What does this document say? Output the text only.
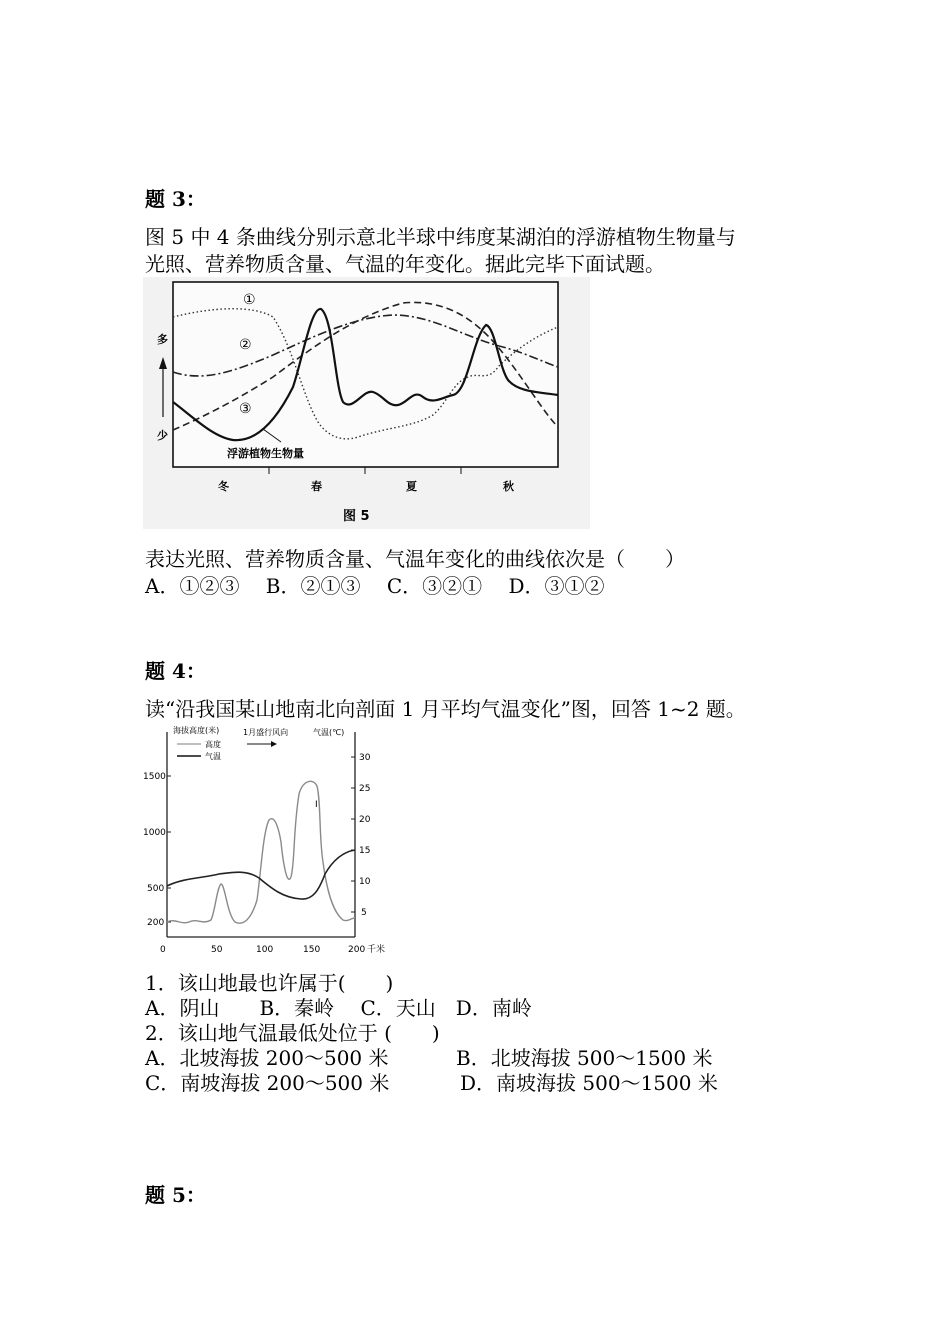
题 3：
图 5 中 4 条曲线分别示意北半球中纬度某湖泊的浮游植物生物量与
光照、营养物质含量、气温的年变化。据此完毕下面试题。
①
②
③
浮游植物生物量
多
少
冬	春	夏	秋
图 5
表达光照、营养物质含量、气温年变化的曲线依次是（　　）
A．①②③　 B．②①③　 C．③②①　 D．③①②
题 4：
读“沿我国某山地南北向剖面 1 月平均气温变化”图，回答 1~2 题。
1500
1000
500
200
30
25
20
15
10
5
0	50	100	150	200 千米
海拔高度(米)
高度
气温
1月盛行风向	气温(℃)
I
1．该山地最也许属于(　　)
A．阴山　　B．秦岭　 C．天山　D．南岭
2．该山地气温最低处位于 (　　)
A．北坡海拔 200～500 米	B．北坡海拔 500～1500 米
C．南坡海拔 200～500 米	D．南坡海拔 500～1500 米
题 5：
